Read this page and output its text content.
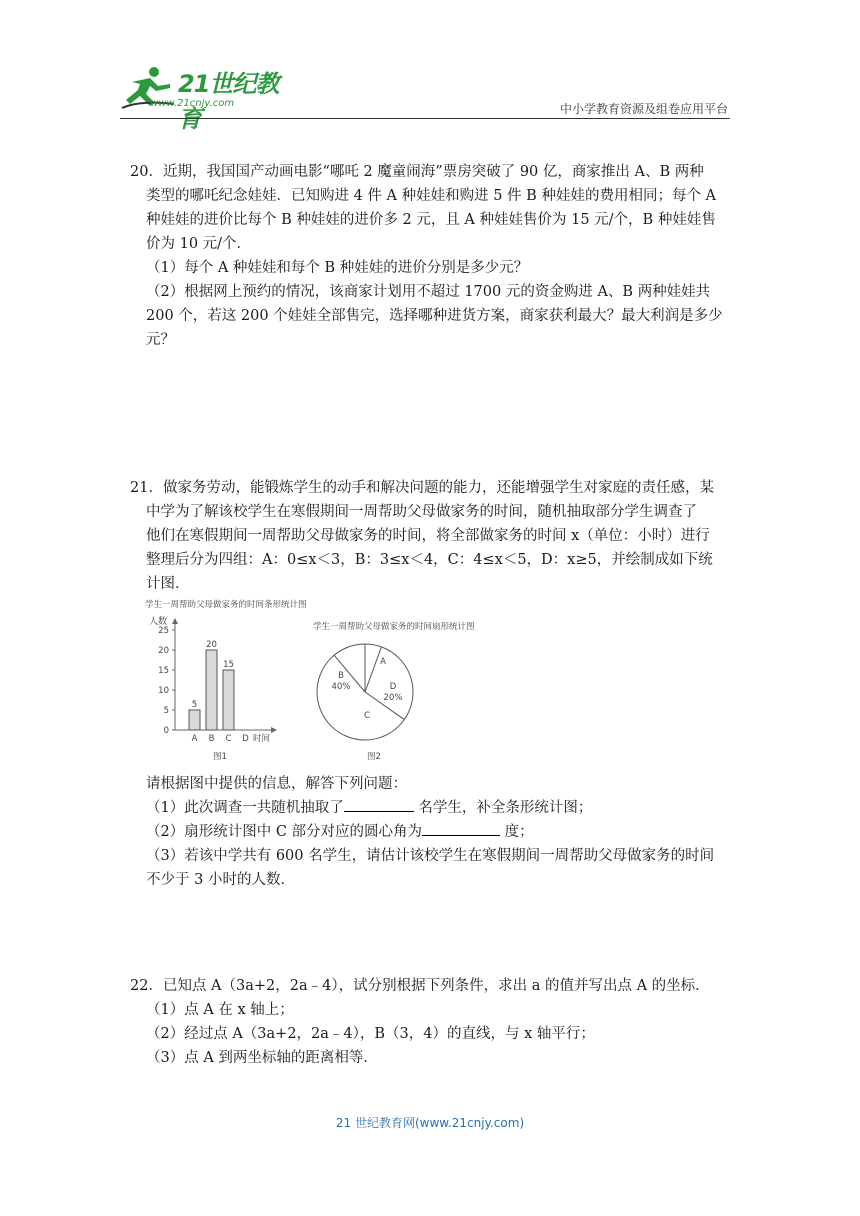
21世纪教育
www.21cnjy.com	中小学教育资源及组卷应用平台

20．近期，我国国产动画电影“哪吒 2 魔童闹海”票房突破了 90 亿，商家推出 A、B 两种

类型的哪吒纪念娃娃．已知购进 4 件 A 种娃娃和购进 5 件 B 种娃娃的费用相同；每个 A

种娃娃的进价比每个 B 种娃娃的进价多 2 元，且 A 种娃娃售价为 15 元/个，B 种娃娃售

价为 10 元/个．

（1）每个 A 种娃娃和每个 B 种娃娃的进价分别是多少元？

（2）根据网上预约的情况，该商家计划用不超过 1700 元的资金购进 A、B 两种娃娃共

200 个，若这 200 个娃娃全部售完，选择哪种进货方案，商家获利最大？最大利润是多少

元？

21．做家务劳动，能锻炼学生的动手和解决问题的能力，还能增强学生对家庭的责任感，某

中学为了解该校学生在寒假期间一周帮助父母做家务的时间，随机抽取部分学生调查了

他们在寒假期间一周帮助父母做家务的时间，将全部做家务的时间 x（单位：小时）进行

整理后分为四组：A：0≤x＜3，B：3≤x＜4，C：4≤x＜5，D：x≥5，并绘制成如下统

计图．

学生一周帮助父母做家务的时间条形统计图
人数
时间
0
5
10
15
20
25
5
A
20
B
15
C D
图1
学生一周帮助父母做家务的时间扇形统计图
A
B
40%
C
D
20%
图2

请根据图中提供的信息，解答下列问题：

（1）此次调查一共随机抽取了	名学生，补全条形统计图；

（2）扇形统计图中 C 部分对应的圆心角为	度；

（3）若该中学共有 600 名学生，请估计该校学生在寒假期间一周帮助父母做家务的时间

不少于 3 小时的人数．

22．已知点 A（3a+2，2a﹣4），试分别根据下列条件，求出 a 的值并写出点 A 的坐标．

（1）点 A 在 x 轴上；

（2）经过点 A（3a+2，2a﹣4），B（3，4）的直线，与 x 轴平行；

（3）点 A 到两坐标轴的距离相等．

21 世纪教育网(www.21cnjy.com)
